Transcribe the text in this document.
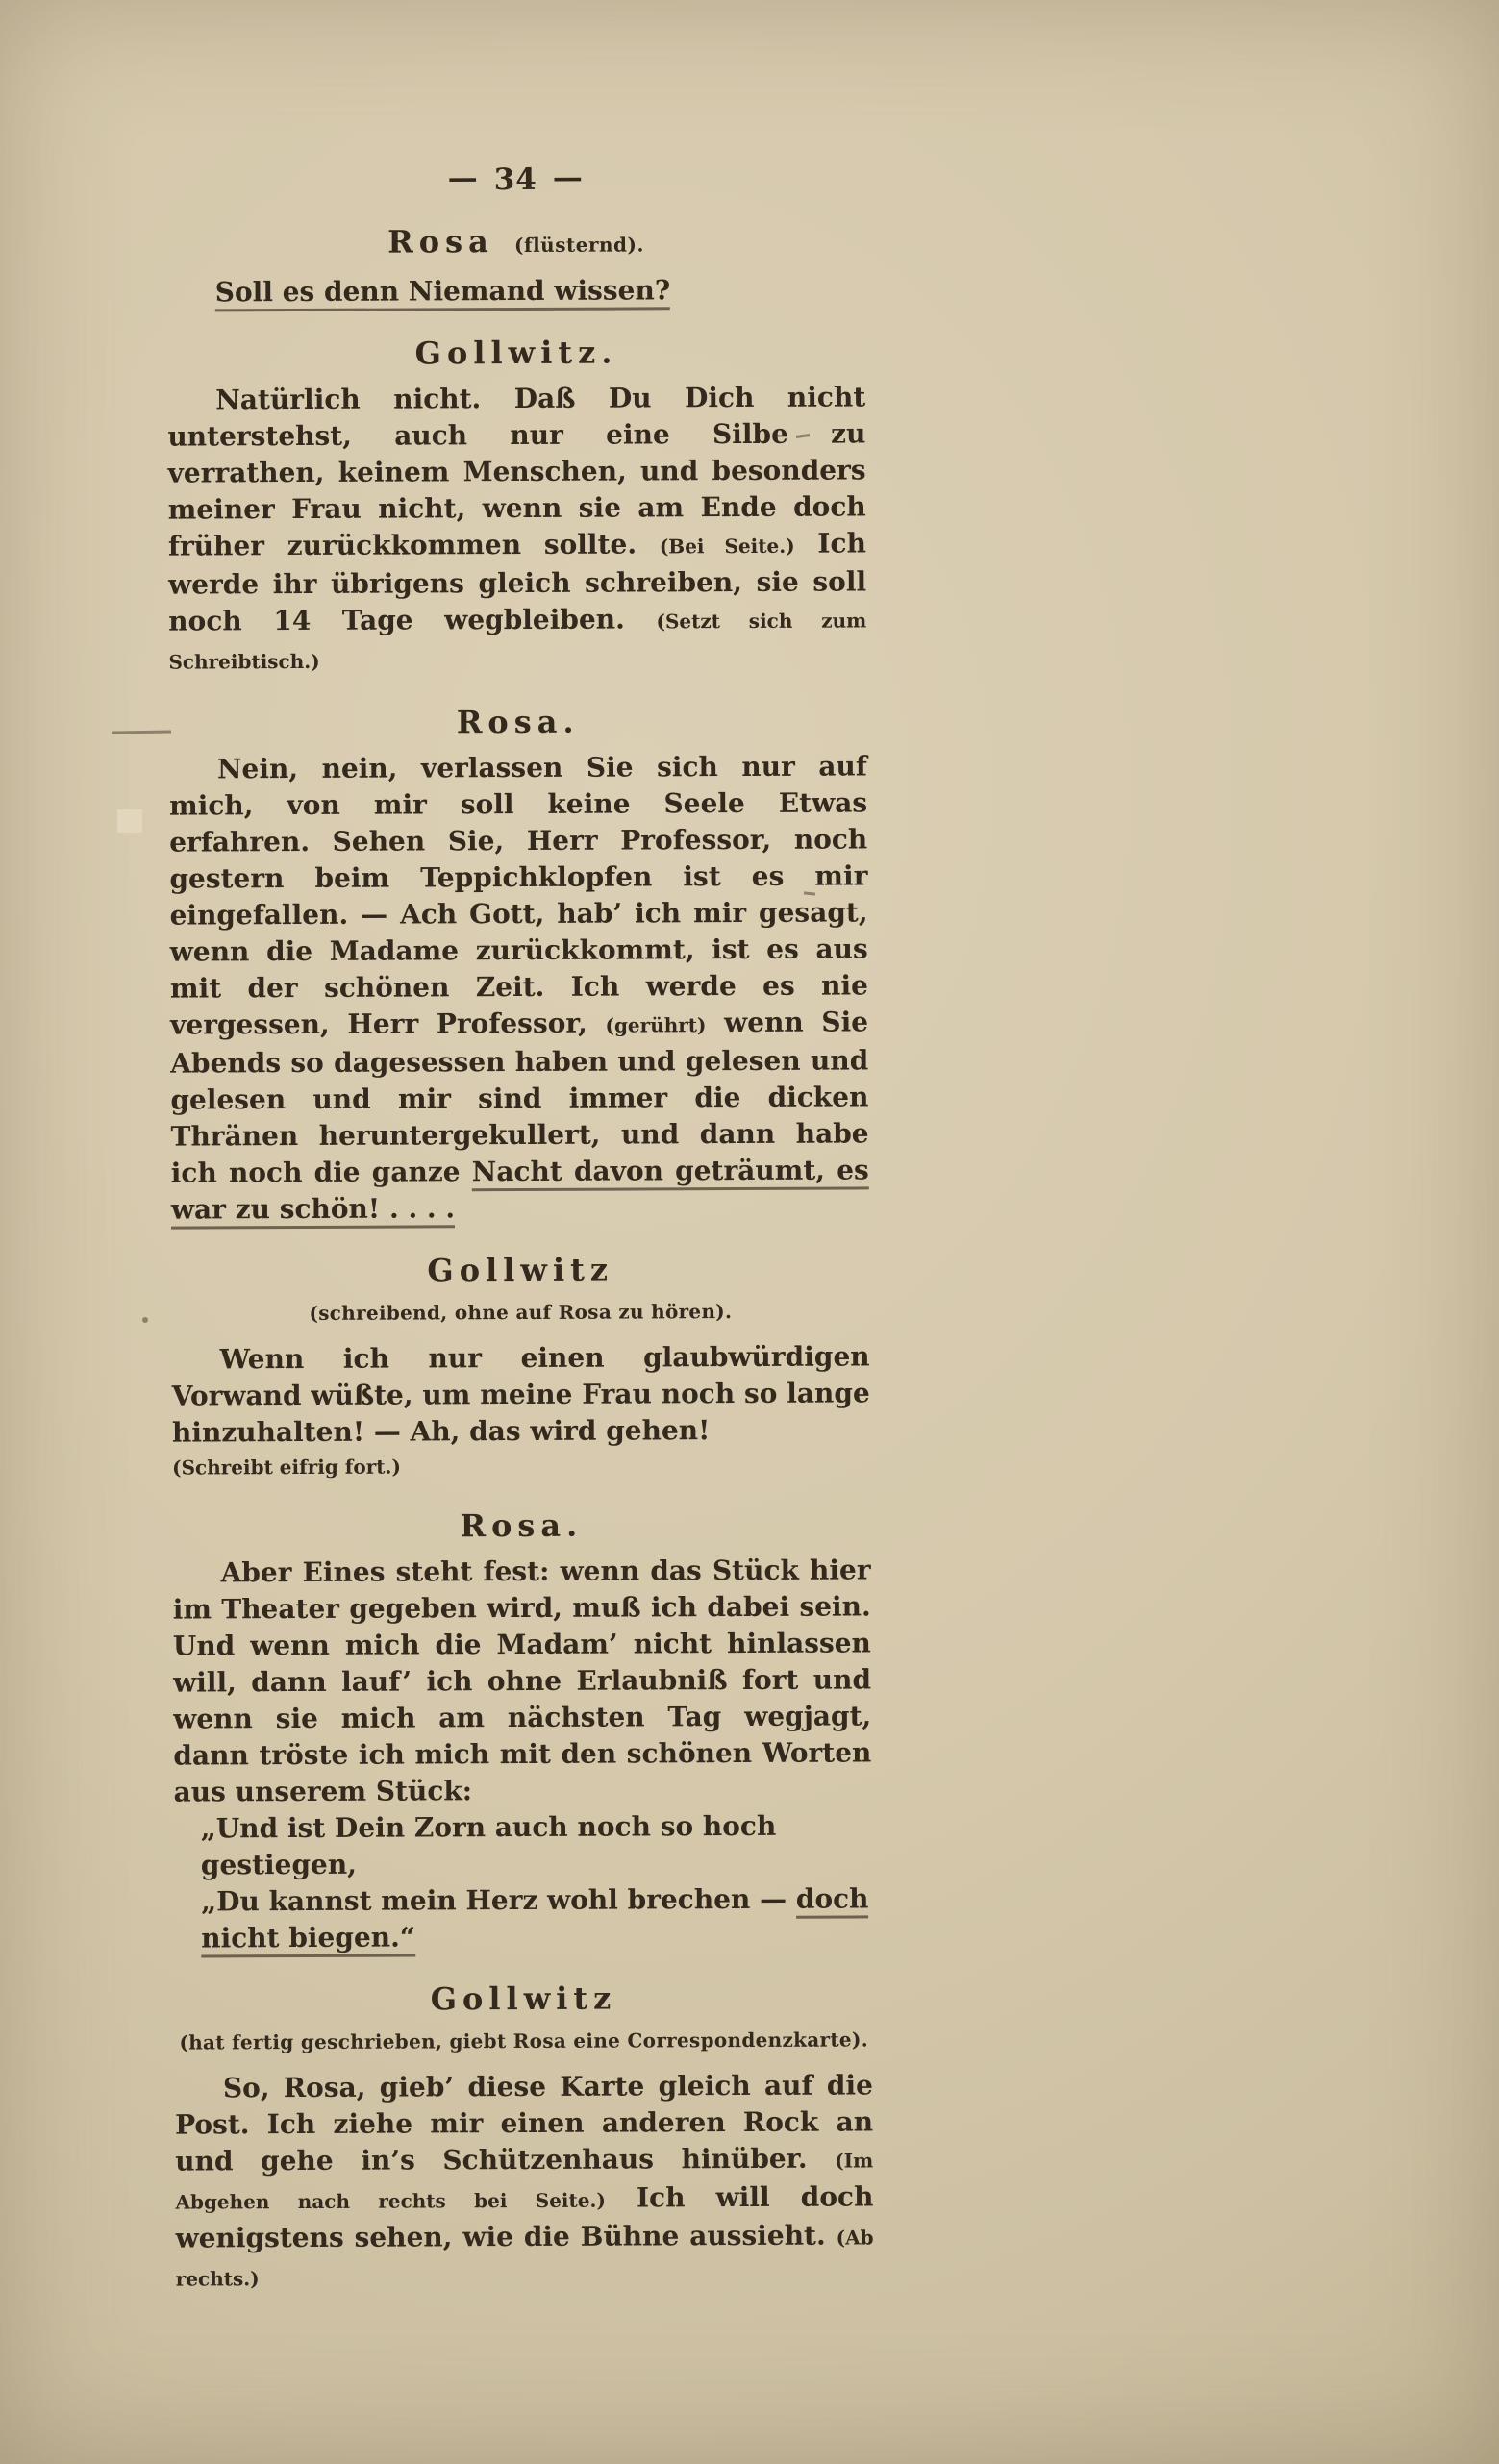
— 34 —
Rosa (flüsternd).

Soll es denn Niemand wissen?

Gollwitz.

Natürlich nicht. Daß Du Dich nicht unterstehst, auch nur eine Silbe zu verrathen, keinem Menschen, und besonders meiner Frau nicht, wenn sie am Ende doch früher zurückkommen sollte. (Bei Seite.) Ich werde ihr übrigens gleich schreiben, sie soll noch 14 Tage wegbleiben. (Setzt sich zum Schreibtisch.)

Rosa.

Nein, nein, verlassen Sie sich nur auf mich, von mir soll keine Seele Etwas erfahren. Sehen Sie, Herr Professor, noch gestern beim Teppichklopfen ist es mir eingefallen. — Ach Gott, hab’ ich mir gesagt, wenn die Madame zurückkommt, ist es aus mit der schönen Zeit. Ich werde es nie vergessen, Herr Professor, (gerührt) wenn Sie Abends so dagesessen haben und gelesen und gelesen und mir sind immer die dicken Thränen heruntergekullert, und dann habe ich noch die ganze Nacht davon geträumt, es war zu schön! . . . .

Gollwitz
(schreibend, ohne auf Rosa zu hören).

Wenn ich nur einen glaubwürdigen Vorwand wüßte, um meine Frau noch so lange hinzuhalten! — Ah, das wird gehen!

(Schreibt eifrig fort.)

Rosa.

Aber Eines steht fest: wenn das Stück hier im Theater gegeben wird, muß ich dabei sein. Und wenn mich die Madam’ nicht hinlassen will, dann lauf’ ich ohne Erlaubniß fort und wenn sie mich am nächsten Tag wegjagt, dann tröste ich mich mit den schönen Worten aus unserem Stück:

„Und ist Dein Zorn auch noch so hoch gestiegen,

„Du kannst mein Herz wohl brechen — doch nicht biegen.“

Gollwitz
(hat fertig geschrieben, giebt Rosa eine Correspondenzkarte).

So, Rosa, gieb’ diese Karte gleich auf die Post. Ich ziehe mir einen anderen Rock an und gehe in’s Schützenhaus hinüber. (Im Abgehen nach rechts bei Seite.) Ich will doch wenigstens sehen, wie die Bühne aussieht. (Ab rechts.)
